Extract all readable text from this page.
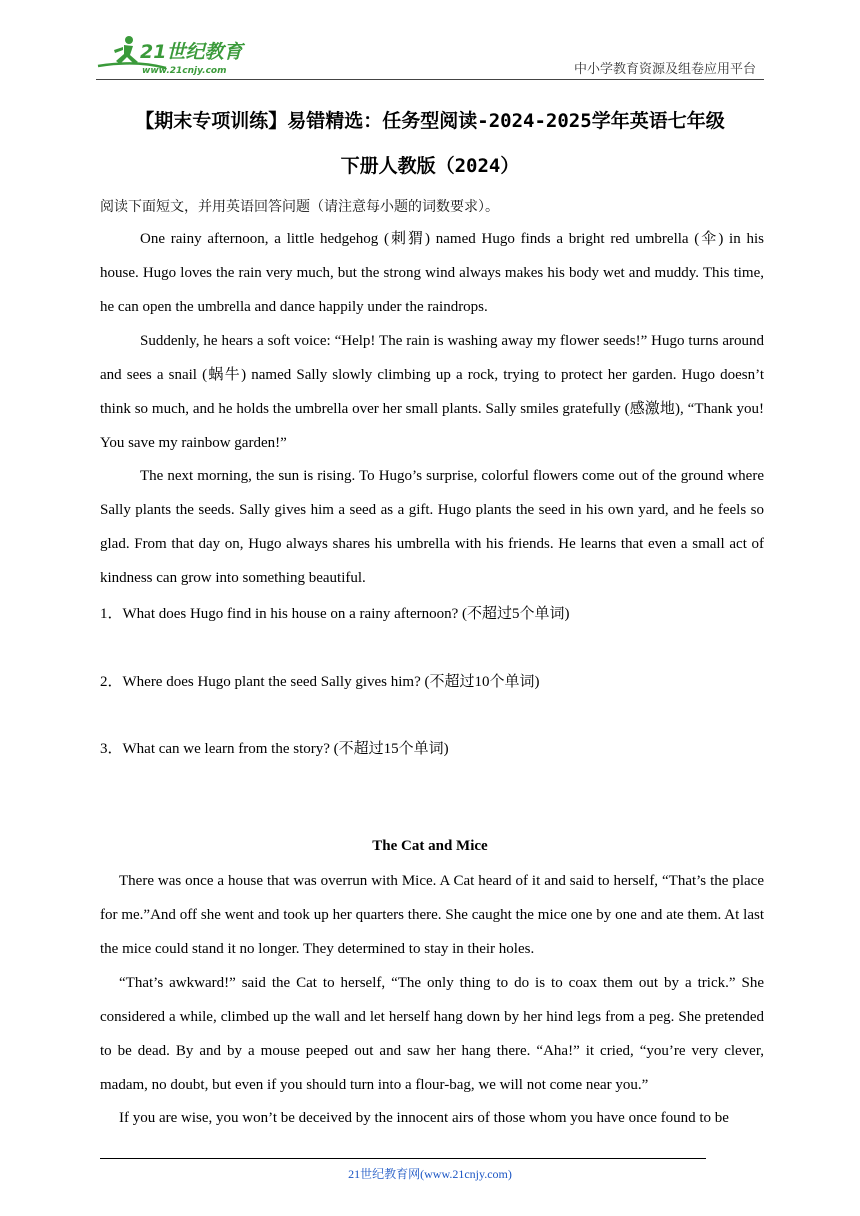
21世纪教育
www.21cnjy.com	中小学教育资源及组卷应用平台
【期末专项训练】易错精选：任务型阅读-2024-2025学年英语七年级
下册人教版（2024）
阅读下面短文，并用英语回答问题（请注意每小题的词数要求）。

One rainy afternoon, a little hedgehog (刺猬) named Hugo finds a bright red umbrella (伞) in his house. Hugo loves the rain very much, but the strong wind always makes his body wet and muddy. This time, he can open the umbrella and dance happily under the raindrops.

Suddenly, he hears a soft voice: “Help! The rain is washing away my flower seeds!” Hugo turns around and sees a snail (蜗牛) named Sally slowly climbing up a rock, trying to protect her garden. Hugo doesn’t think so much, and he holds the umbrella over her small plants. Sally smiles gratefully (感激地), “Thank you! You save my rainbow garden!”

The next morning, the sun is rising. To Hugo’s surprise, colorful flowers come out of the ground where Sally plants the seeds. Sally gives him a seed as a gift. Hugo plants the seed in his own yard, and he feels so glad. From that day on, Hugo always shares his umbrella with his friends. He learns that even a small act of kindness can grow into something beautiful.

1．What does Hugo find in his house on a rainy afternoon? (不超过5个单词)
2．Where does Hugo plant the seed Sally gives him? (不超过10个单词)
3．What can we learn from the story? (不超过15个单词)
The Cat and Mice

There was once a house that was overrun with Mice. A Cat heard of it and said to herself, “That’s the place for me.”And off she went and took up her quarters there. She caught the mice one by one and ate them. At last the mice could stand it no longer. They determined to stay in their holes.

“That’s awkward!” said the Cat to herself, “The only thing to do is to coax them out by a trick.” She considered a while, climbed up the wall and let herself hang down by her hind legs from a peg. She pretended to be dead. By and by a mouse peeped out and saw her hang there. “Aha!” it cried, “you’re very clever, madam, no doubt, but even if you should turn into a flour-bag, we will not come near you.”

If you are wise, you won’t be deceived by the innocent airs of those whom you have once found to be

21世纪教育网(www.21cnjy.com)
